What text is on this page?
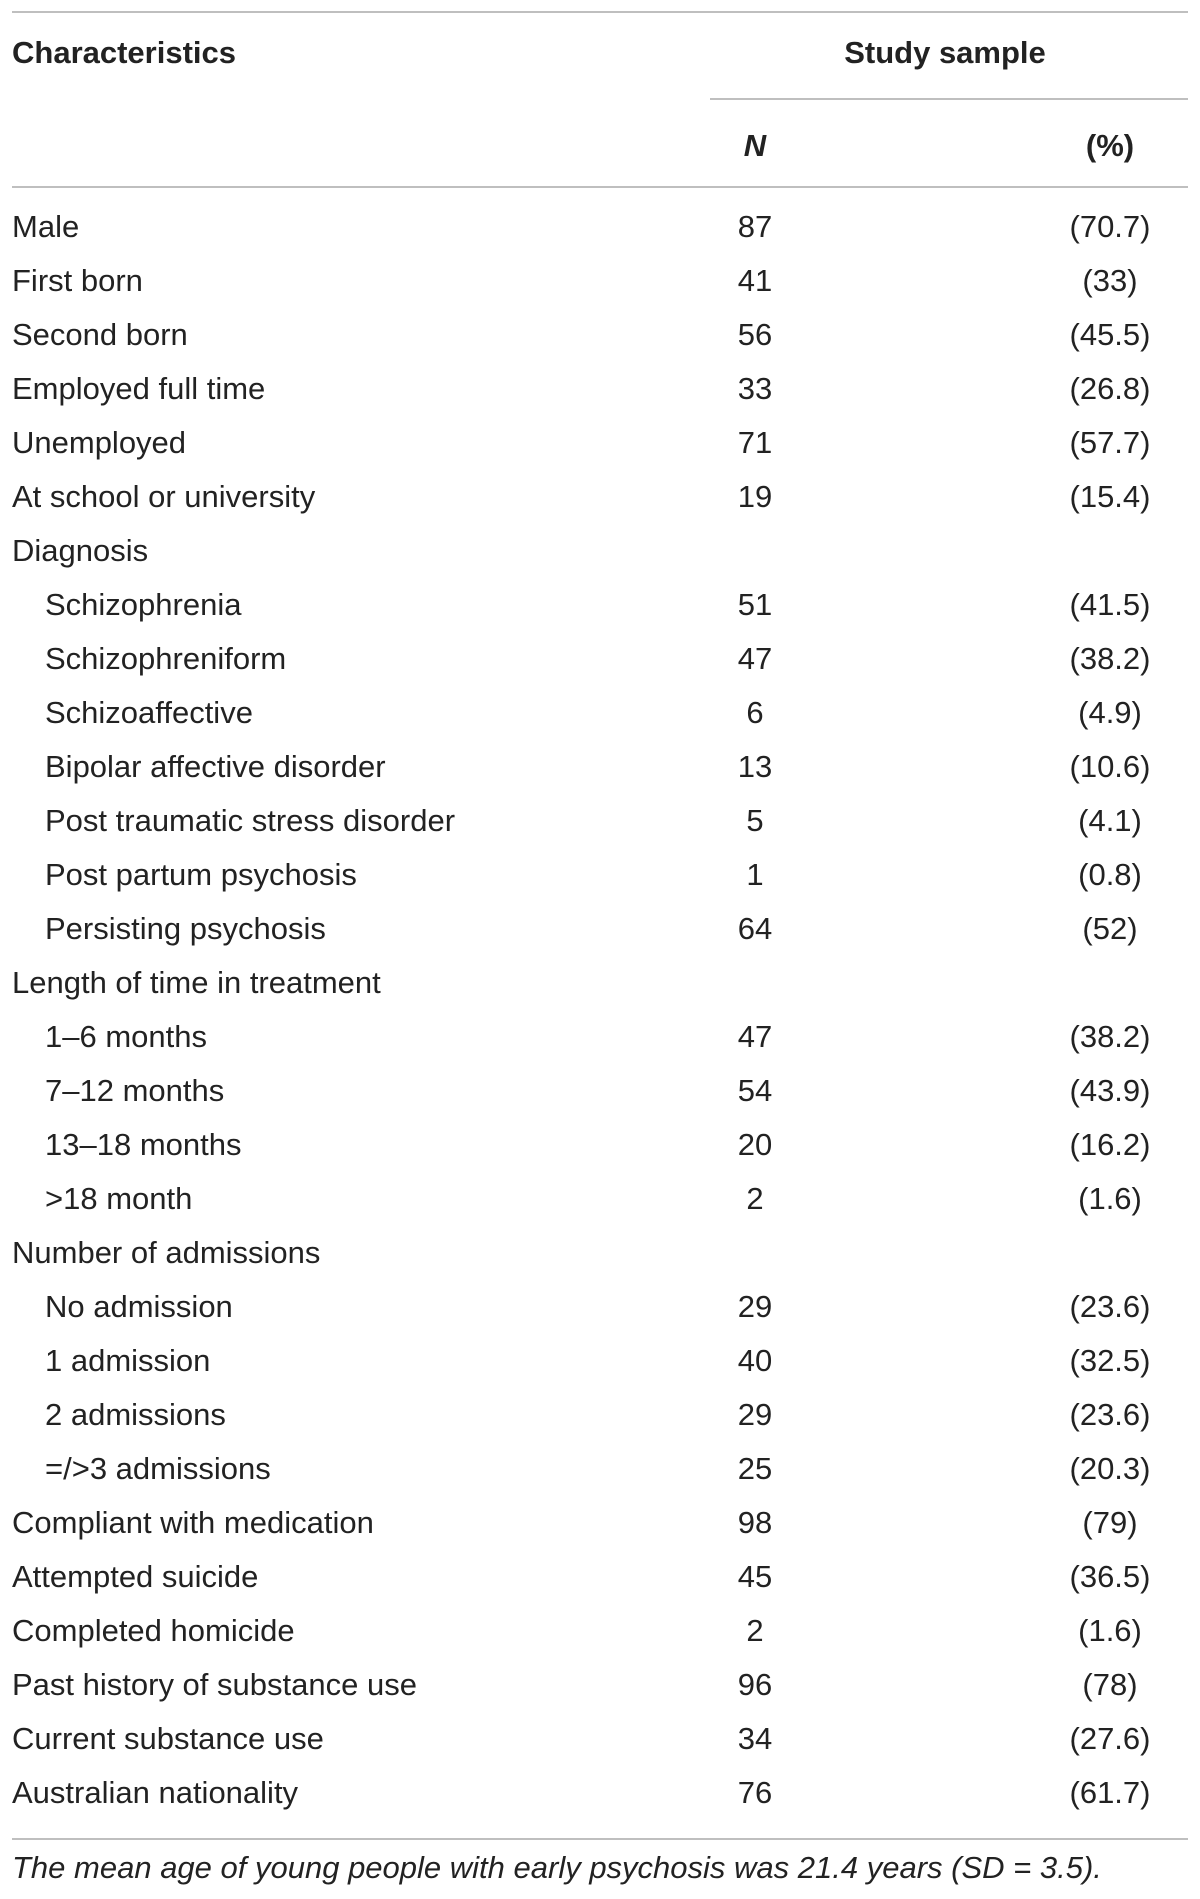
Characteristics	Study sample
N	(%)
Male	87	(70.7)
First born	41	(33)
Second born	56	(45.5)
Employed full time	33	(26.8)
Unemployed	71	(57.7)
At school or university	19	(15.4)
Diagnosis
Schizophrenia	51	(41.5)
Schizophreniform	47	(38.2)
Schizoaffective	6	(4.9)
Bipolar affective disorder	13	(10.6)
Post traumatic stress disorder	5	(4.1)
Post partum psychosis	1	(0.8)
Persisting psychosis	64	(52)
Length of time in treatment
1–6 months	47	(38.2)
7–12 months	54	(43.9)
13–18 months	20	(16.2)
>18 month	2	(1.6)
Number of admissions
No admission	29	(23.6)
1 admission	40	(32.5)
2 admissions	29	(23.6)
=/>3 admissions	25	(20.3)
Compliant with medication	98	(79)
Attempted suicide	45	(36.5)
Completed homicide	2	(1.6)
Past history of substance use	96	(78)
Current substance use	34	(27.6)
Australian nationality	76	(61.7)
The mean age of young people with early psychosis was 21.4 years (SD = 3.5).
